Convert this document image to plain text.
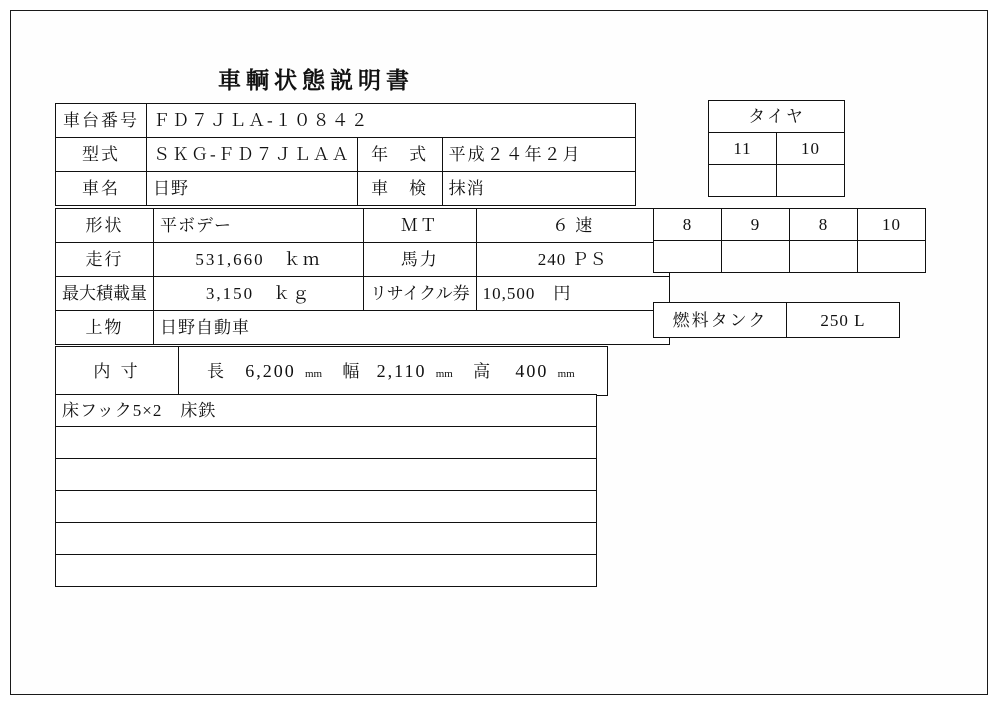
車輌状態説明書
車台番号	ＦＤ７ＪＬＡ-１０８４２		
型式	ＳＫＧ-ＦＤ７ＪＬＡＡ	年　式	平成２４年２月
車名	日野	車　検	抹消
形状	平ボデー	ＭＴ	６ 速
走行	531,660　ｋｍ	馬力	240 ＰＳ
最大積載量	3,150　ｋｇ	リサイクル券	10,500　円
上物	日野自動車		
内 寸	長 6,200 mm 幅 2,110 mm 高 400 mm
床フック5×2　床鉄

タイヤ	
11	10

8	9	8	10

燃料タンク	250 L
